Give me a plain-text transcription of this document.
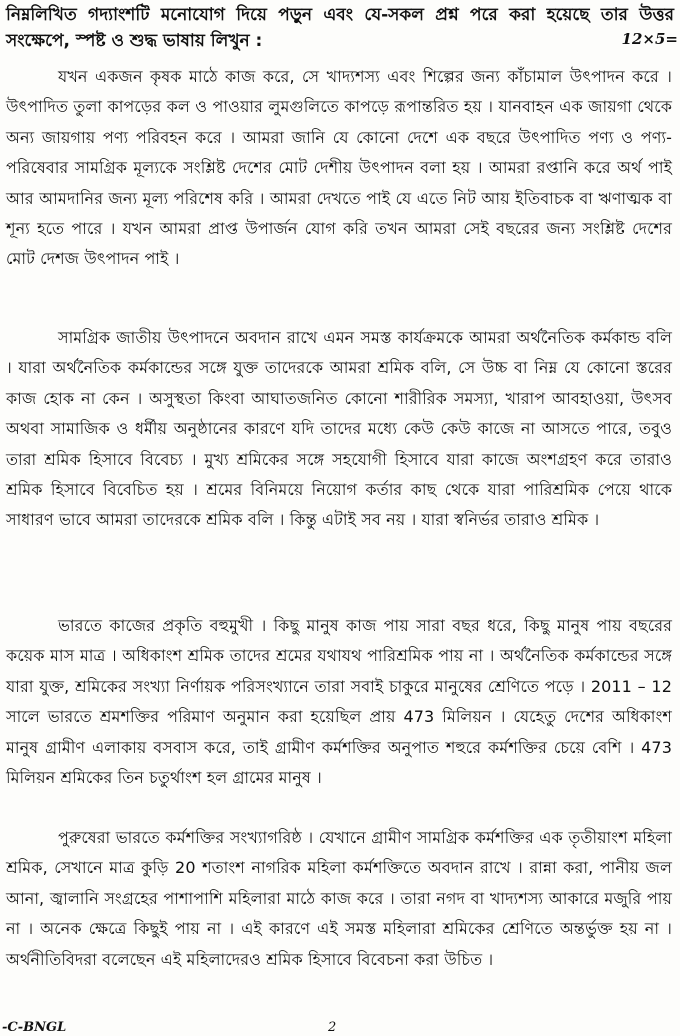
নিম্নলিখিত গদ্যাংশটি মনোযোগ দিয়ে পড়ুন এবং যে-সকল প্রশ্ন পরে করা হয়েছে তার উত্তর সংক্ষেপে, স্পষ্ট ও শুদ্ধ ভাষায় লিখুন :	12×5=

যখন একজন কৃষক মাঠে কাজ করে, সে খাদ্যশস্য এবং শিল্পের জন্য কাঁচামাল উৎপাদন করে । উৎপাদিত তুলা কাপড়ের কল ও পাওয়ার লুমগুলিতে কাপড়ে রূপান্তরিত হয় । যানবাহন এক জায়গা থেকে অন্য জায়গায় পণ্য পরিবহন করে । আমরা জানি যে কোনো দেশে এক বছরে উৎপাদিত পণ্য ও পণ্য-পরিষেবার সামগ্রিক মূল্যকে সংশ্লিষ্ট দেশের মোট দেশীয় উৎপাদন বলা হয় । আমরা রপ্তানি করে অর্থ পাই আর আমদানির জন্য মূল্য পরিশেষ করি । আমরা দেখতে পাই যে এতে নিট আয় ইতিবাচক বা ঋণাত্মক বা শূন্য হতে পারে । যখন আমরা প্রাপ্ত উপার্জন যোগ করি তখন আমরা সেই বছরের জন্য সংশ্লিষ্ট দেশের মোট দেশজ উৎপাদন পাই ।

সামগ্রিক জাতীয় উৎপাদনে অবদান রাখে এমন সমস্ত কার্যক্রমকে আমরা অর্থনৈতিক কর্মকান্ড বলি । যারা অর্থনৈতিক কর্মকান্ডের সঙ্গে যুক্ত তাদেরকে আমরা শ্রমিক বলি, সে উচ্চ বা নিম্ন যে কোনো স্তরের কাজ হোক না কেন । অসুস্থতা কিংবা আঘাতজনিত কোনো শারীরিক সমস্যা, খারাপ আবহাওয়া, উৎসব অথবা সামাজিক ও ধর্মীয় অনুষ্ঠানের কারণে যদি তাদের মধ্যে কেউ কেউ কাজে না আসতে পারে, তবুও তারা শ্রমিক হিসাবে বিবেচ্য । মুখ্য শ্রমিকের সঙ্গে সহযোগী হিসাবে যারা কাজে অংশগ্রহণ করে তারাও শ্রমিক হিসাবে বিবেচিত হয় । শ্রমের বিনিময়ে নিয়োগ কর্তার কাছ থেকে যারা পারিশ্রমিক পেয়ে থাকে সাধারণ ভাবে আমরা তাদেরকে শ্রমিক বলি । কিন্তু এটাই সব নয় । যারা স্বনির্ভর তারাও শ্রমিক ।

ভারতে কাজের প্রকৃতি বহুমুখী । কিছু মানুষ কাজ পায় সারা বছর ধরে, কিছু মানুষ পায় বছরের কয়েক মাস মাত্র । অধিকাংশ শ্রমিক তাদের শ্রমের যথাযথ পারিশ্রমিক পায় না । অর্থনৈতিক কর্মকান্ডের সঙ্গে যারা যুক্ত, শ্রমিকের সংখ্যা নির্ণায়ক পরিসংখ্যানে তারা সবাই চাকুরে মানুষের শ্রেণিতে পড়ে । 2011 – 12 সালে ভারতে শ্রমশক্তির পরিমাণ অনুমান করা হয়েছিল প্রায় 473 মিলিয়ন । যেহেতু দেশের অধিকাংশ মানুষ গ্রামীণ এলাকায় বসবাস করে, তাই গ্রামীণ কর্মশক্তির অনুপাত শহুরে কর্মশক্তির চেয়ে বেশি । 473 মিলিয়ন শ্রমিকের তিন চতুর্থাংশ হল গ্রামের মানুষ ।

পুরুষেরা ভারতে কর্মশক্তির সংখ্যাগরিষ্ঠ । যেখানে গ্রামীণ সামগ্রিক কর্মশক্তির এক তৃতীয়াংশ মহিলা শ্রমিক, সেখানে মাত্র কুড়ি 20 শতাংশ নাগরিক মহিলা কর্মশক্তিতে অবদান রাখে । রান্না করা, পানীয় জল আনা, জ্বালানি সংগ্রহের পাশাপাশি মহিলারা মাঠে কাজ করে । তারা নগদ বা খাদ্যশস্য আকারে মজুরি পায় না । অনেক ক্ষেত্রে কিছুই পায় না । এই কারণে এই সমস্ত মহিলারা শ্রমিকের শ্রেণিতে অন্তর্ভুক্ত হয় না । অর্থনীতিবিদরা বলেছেন এই মহিলাদেরও শ্রমিক হিসাবে বিবেচনা করা উচিত ।

-C-BNGL	2
